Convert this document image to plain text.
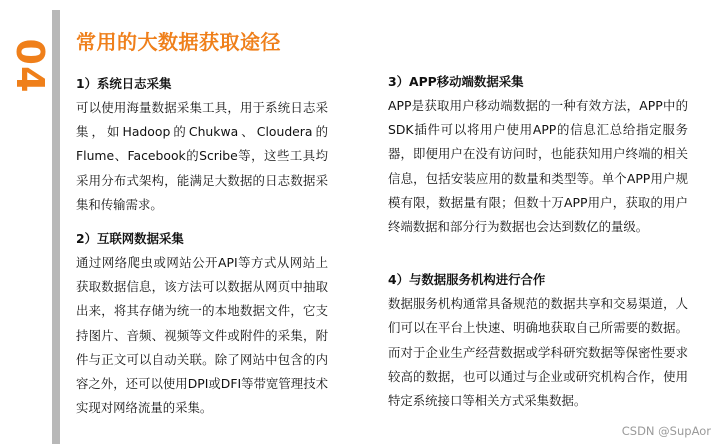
04 常用的大数据获取途径
1）系统日志采集

可以使用海量数据采集工具，用于系统日志采集，如Hadoop的Chukwa、Cloudera的Flume、Facebook的Scribe等，这些工具均采用分布式架构，能满足大数据的日志数据采集和传输需求。

2）互联网数据采集

通过网络爬虫或网站公开API等方式从网站上获取数据信息，该方法可以数据从网页中抽取出来，将其存储为统一的本地数据文件，它支持图片、音频、视频等文件或附件的采集，附件与正文可以自动关联。除了网站中包含的内容之外，还可以使用DPI或DFI等带宽管理技术实现对网络流量的采集。

3）APP移动端数据采集

APP是获取用户移动端数据的一种有效方法，APP中的SDK插件可以将用户使用APP的信息汇总给指定服务器，即便用户在没有访问时，也能获知用户终端的相关信息，包括安装应用的数量和类型等。单个APP用户规模有限，数据量有限；但数十万APP用户，获取的用户终端数据和部分行为数据也会达到数亿的量级。

4）与数据服务机构进行合作

数据服务机构通常具备规范的数据共享和交易渠道，人们可以在平台上快速、明确地获取自己所需要的数据。而对于企业生产经营数据或学科研究数据等保密性要求较高的数据，也可以通过与企业或研究机构合作，使用特定系统接口等相关方式采集数据。

CSDN @SupAor
